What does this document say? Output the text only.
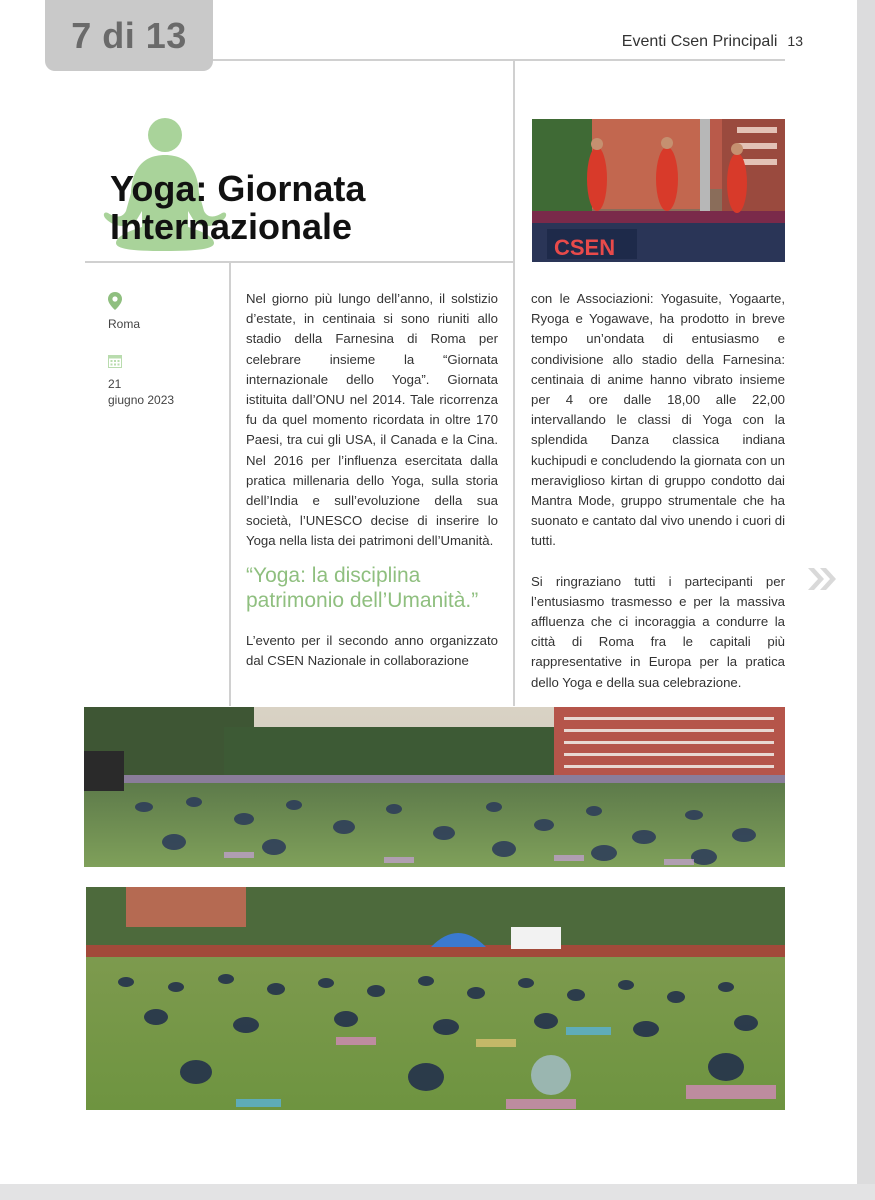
7 di 13	Eventi Csen Principali 13
Yoga: Giornata
Internazionale
CSEN
Roma
21
giugno 2023

Nel giorno più lungo dell’anno, il solstizio d’estate, in centinaia si sono riuniti allo stadio della Farnesina di Roma per celebrare insieme la “Giornata internazionale dello Yoga”. Giornata istituita dall’ONU nel 2014. Tale ricorrenza fu da quel momento ricordata in oltre 170 Paesi, tra cui gli USA, il Canada e la Cina. Nel 2016 per l’influenza esercitata dalla pratica millenaria dello Yoga, sulla storia dell’India e sull’evoluzione della sua società, l’UNESCO decise di inserire lo Yoga nella lista dei patrimoni dell’Umanità.

“Yoga: la disciplina patrimonio dell’Umanità.”

L’evento per il secondo anno organizzato dal CSEN Nazionale in collaborazione

con le Associazioni: Yogasuite, Yogaarte, Ryoga e Yogawave, ha prodotto in breve tempo un’ondata di entusiasmo e condivisione allo stadio della Farnesina: centinaia di anime hanno vibrato insieme per 4 ore dalle 18,00 alle 22,00 intervallando le classi di Yoga con la splendida Danza classica indiana kuchipudi e concludendo la giornata con un meraviglioso kirtan di gruppo condotto dai Mantra Mode, gruppo strumentale che ha suonato e cantato dal vivo unendo i cuori di tutti.

Si ringraziano tutti i partecipanti per l’entusiasmo trasmesso e per la massiva affluenza che ci incoraggia a condurre la città di Roma fra le capitali più rappresentative in Europa per la pratica dello Yoga e della sua celebrazione.
